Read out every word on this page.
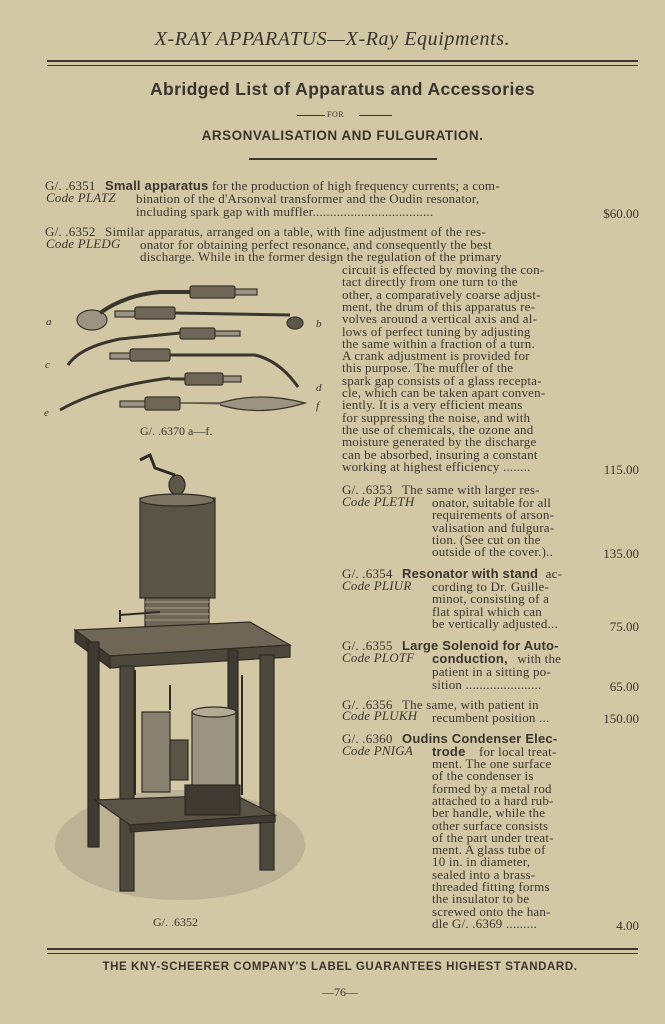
X-RAY APPARATUS—X-Ray Equipments.
Abridged List of Apparatus and Accessories
FOR
ARSONVALISATION AND FULGURATION.
G/. .6351 Small apparatus for the production of high frequency currents; a com-
Code PLATZ bination of the d'Arsonval transformer and the Oudin resonator,
including spark gap with muffler...................................	$60.00
G/. .6352 Similar apparatus, arranged on a table, with fine adjustment of the res-
Code PLEDG onator for obtaining perfect resonance, and consequently the best
discharge. While in the former design the regulation of the primary
circuit is effected by moving the con-
tact directly from one turn to the
other, a comparatively coarse adjust-
ment, the drum of this apparatus re-
volves around a vertical axis and al-
lows of perfect tuning by adjusting
the same within a fraction of a turn.
A crank adjustment is provided for
this purpose. The muffler of the
spark gap consists of a glass recepta-
cle, which can be taken apart conven-
iently. It is a very efficient means
for suppressing the noise, and with
the use of chemicals, the ozone and
moisture generated by the discharge
can be absorbed, insuring a constant
working at highest efficiency ........	115.00
a	b
c
d
e
f
G/. .6370 a—f.
G/. .6352
G/. .6353 The same with larger res-
Code PLETH onator, suitable for all
requirements of arson-
valisation and fulgura-
tion. (See cut on the
outside of the cover.)..	135.00
G/. .6354 Resonator with stand ac-
Code PLIUR cording to Dr. Guille-
minot, consisting of a
flat spiral which can
be vertically adjusted...	75.00
G/. .6355 Large Solenoid for Auto-
Code PLOTF conduction, with the
patient in a sitting po-
sition ......................	65.00
G/. .6356 The same, with patient in
Code PLUKH recumbent position ...	150.00
G/. .6360 Oudins Condenser Elec-
Code PNIGA trode for local treat-
ment. The one surface
of the condenser is
formed by a metal rod
attached to a hard rub-
ber handle, while the
other surface consists
of the part under treat-
ment. A glass tube of
10 in. in diameter,
sealed into a brass-
threaded fitting forms
the insulator to be
screwed onto the han-
dle G/. .6369 .........	4.00
THE KNY-SCHEERER COMPANY'S LABEL GUARANTEES HIGHEST STANDARD.
—76—
